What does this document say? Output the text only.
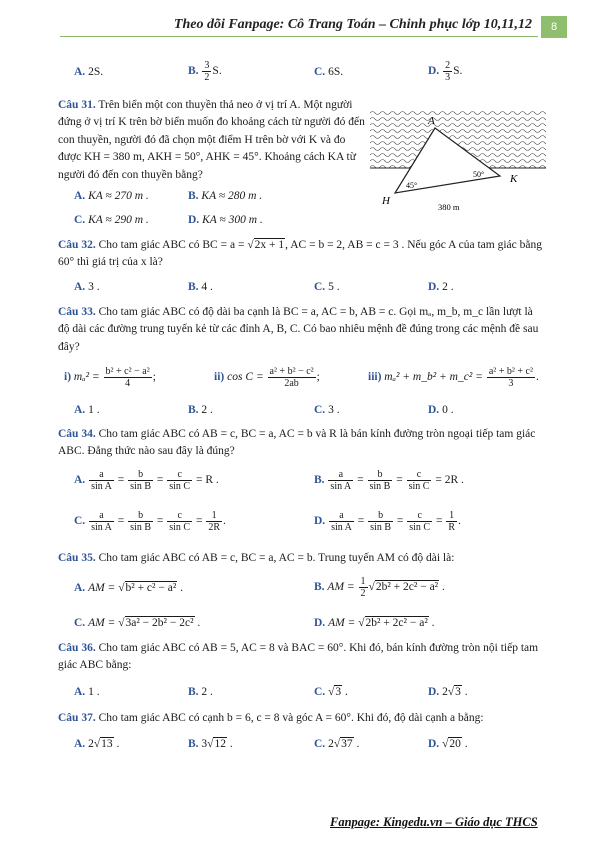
Theo dõi Fanpage: Cô Trang Toán – Chinh phục lớp 10,11,12	8
A. 2S.	B. $\frac{3}{2} S$.	C. 6S.	D. $\frac{2}{3} S$.
Câu 31. Trên biển một con thuyền thả neo ở vị trí A. Một người đứng ở vị trí K trên bờ biển muốn đo khoảng cách từ người đó đến con thuyền, người đó đã chọn một điểm H trên bờ với K và đo được KH = 380 m, AKH = 50°, AHK = 45°. Khoảng cách KA từ người đó đến con thuyền bằng?
A
H
K
45°
50°
380 m
A. KA ≈ 270 m .	B. KA ≈ 280 m .
C. KA ≈ 290 m .	D. KA ≈ 300 m .
Câu 32. Cho tam giác ABC có BC = a = √2x + 1, AC = b = 2, AB = c = 3 . Nếu góc A của tam giác bằng 60° thì giá trị của x là?
A. 3 .	B. 4 .	C. 5 .	D. 2 .
Câu 33. Cho tam giác ABC có độ dài ba cạnh là BC = a, AC = b, AB = c. Gọi mₐ, m_b, m_c lần lượt là độ dài các đường trung tuyến kẻ từ các đỉnh A, B, C. Có bao nhiêu mệnh đề đúng trong các mệnh đề sau đây?
i) $m_a^2 = \frac{\text{b² + c² − a²}}{4}$ ;	ii) $\cos C = \frac{\text{a² + b² − c²}}{2ab}$ ;	iii) mₐ² + m_b² + m_c² = $\frac{\text{a² + b² + c²}}{3}$ .
A. 1 .	B. 2 .	C. 3 .	D. 0 .
Câu 34. Cho tam giác ABC có AB = c, BC = a, AC = b và R là bán kính đường tròn ngoại tiếp tam giác ABC. Đẳng thức nào sau đây là đúng?
A. $\frac{a}{\text{sin A}} = \frac{b}{\text{sin B}} = \frac{c}{\text{sin C}} = R$ .	B. $\frac{a}{\text{sin A}} = \frac{b}{\text{sin B}} = \frac{c}{\text{sin C}} = 2R$ .
C. $\frac{a}{\text{sin A}} = \frac{b}{\text{sin B}} = \frac{c}{\text{sin C}} = \frac{1}{2R}$ .	D. $\frac{a}{\text{sin A}} = \frac{b}{\text{sin B}} = \frac{c}{\text{sin C}} = \frac{1}{R}$ .
Câu 35. Cho tam giác ABC có AB = c, BC = a, AC = b. Trung tuyến AM có độ dài là:
A. AM = √b² + c² − a² .	B. AM = $\frac{1}{2} √2b^2 + 2c^2 - a^2$ .
C. AM = √3a² − 2b² − 2c² .	D. AM = √2b² + 2c² − a² .
Câu 36. Cho tam giác ABC có AB = 5, AC = 8 và BAC = 60°. Khi đó, bán kính đường tròn nội tiếp tam giác ABC bằng:
A. 1 .	B. 2 .	C. √3 .	D. 2√3 .
Câu 37. Cho tam giác ABC có cạnh b = 6, c = 8 và góc A = 60°. Khi đó, độ dài cạnh a bằng:
A. 2√13 .	B. 3√12 .	C. 2√37 .	D. √20 .
Fanpage: Kingedu.vn – Giáo dục THCS
